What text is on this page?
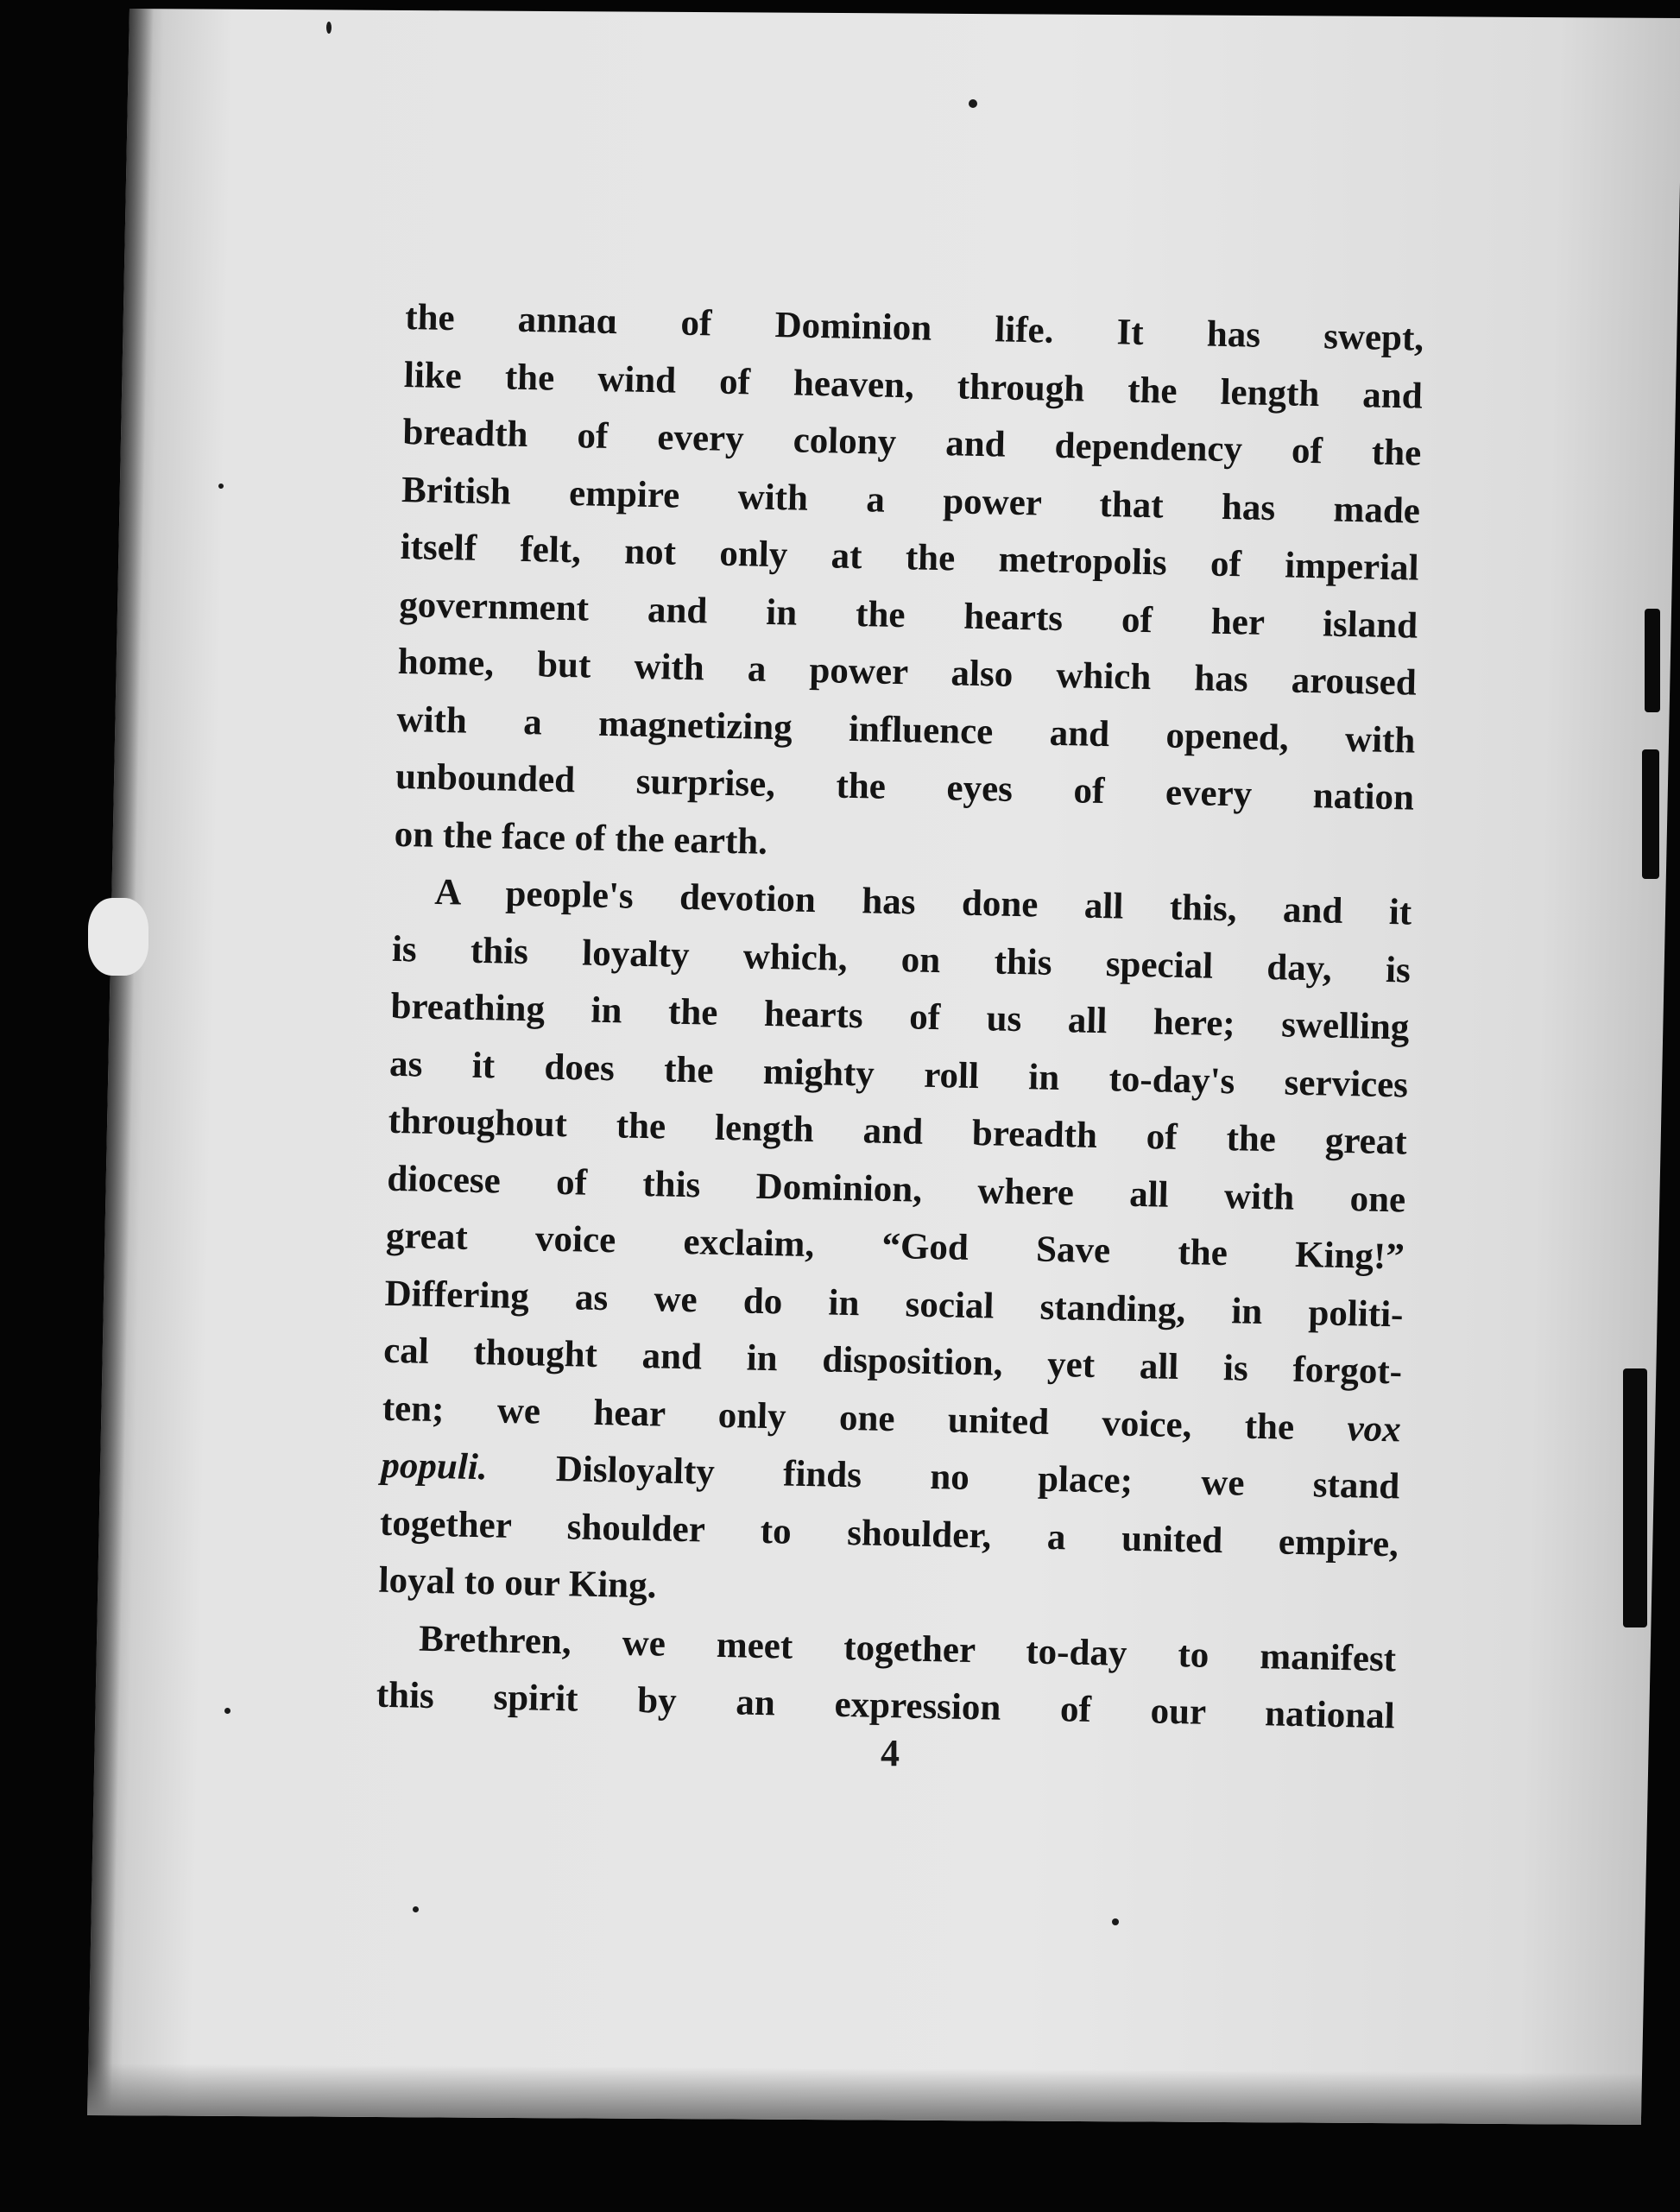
the annaɑ of Dominion life. It has swept,
like the wind of heaven, through the length and
breadth of every colony and dependency of the
British empire with a power that has made
itself felt, not only at the metropolis of imperial
government and in the hearts of her island
home, but with a power also which has aroused
with a magnetizing influence and opened, with
unbounded surprise, the eyes of every nation

on the face of the earth.

A people's devotion has done all this, and it
is this loyalty which, on this special day, is
breathing in the hearts of us all here; swelling
as it does the mighty roll in to-day's services
throughout the length and breadth of the great
diocese of this Dominion, where all with one
great voice exclaim, “God Save the King!”
Differing as we do in social standing, in politi-
cal thought and in disposition, yet all is forgot-
ten; we hear only one united voice, the vox
populi. Disloyalty finds no place; we stand
together shoulder to shoulder, a united empire,

loyal to our King.

Brethren, we meet together to-day to manifest
this spirit by an expression of our national

4
